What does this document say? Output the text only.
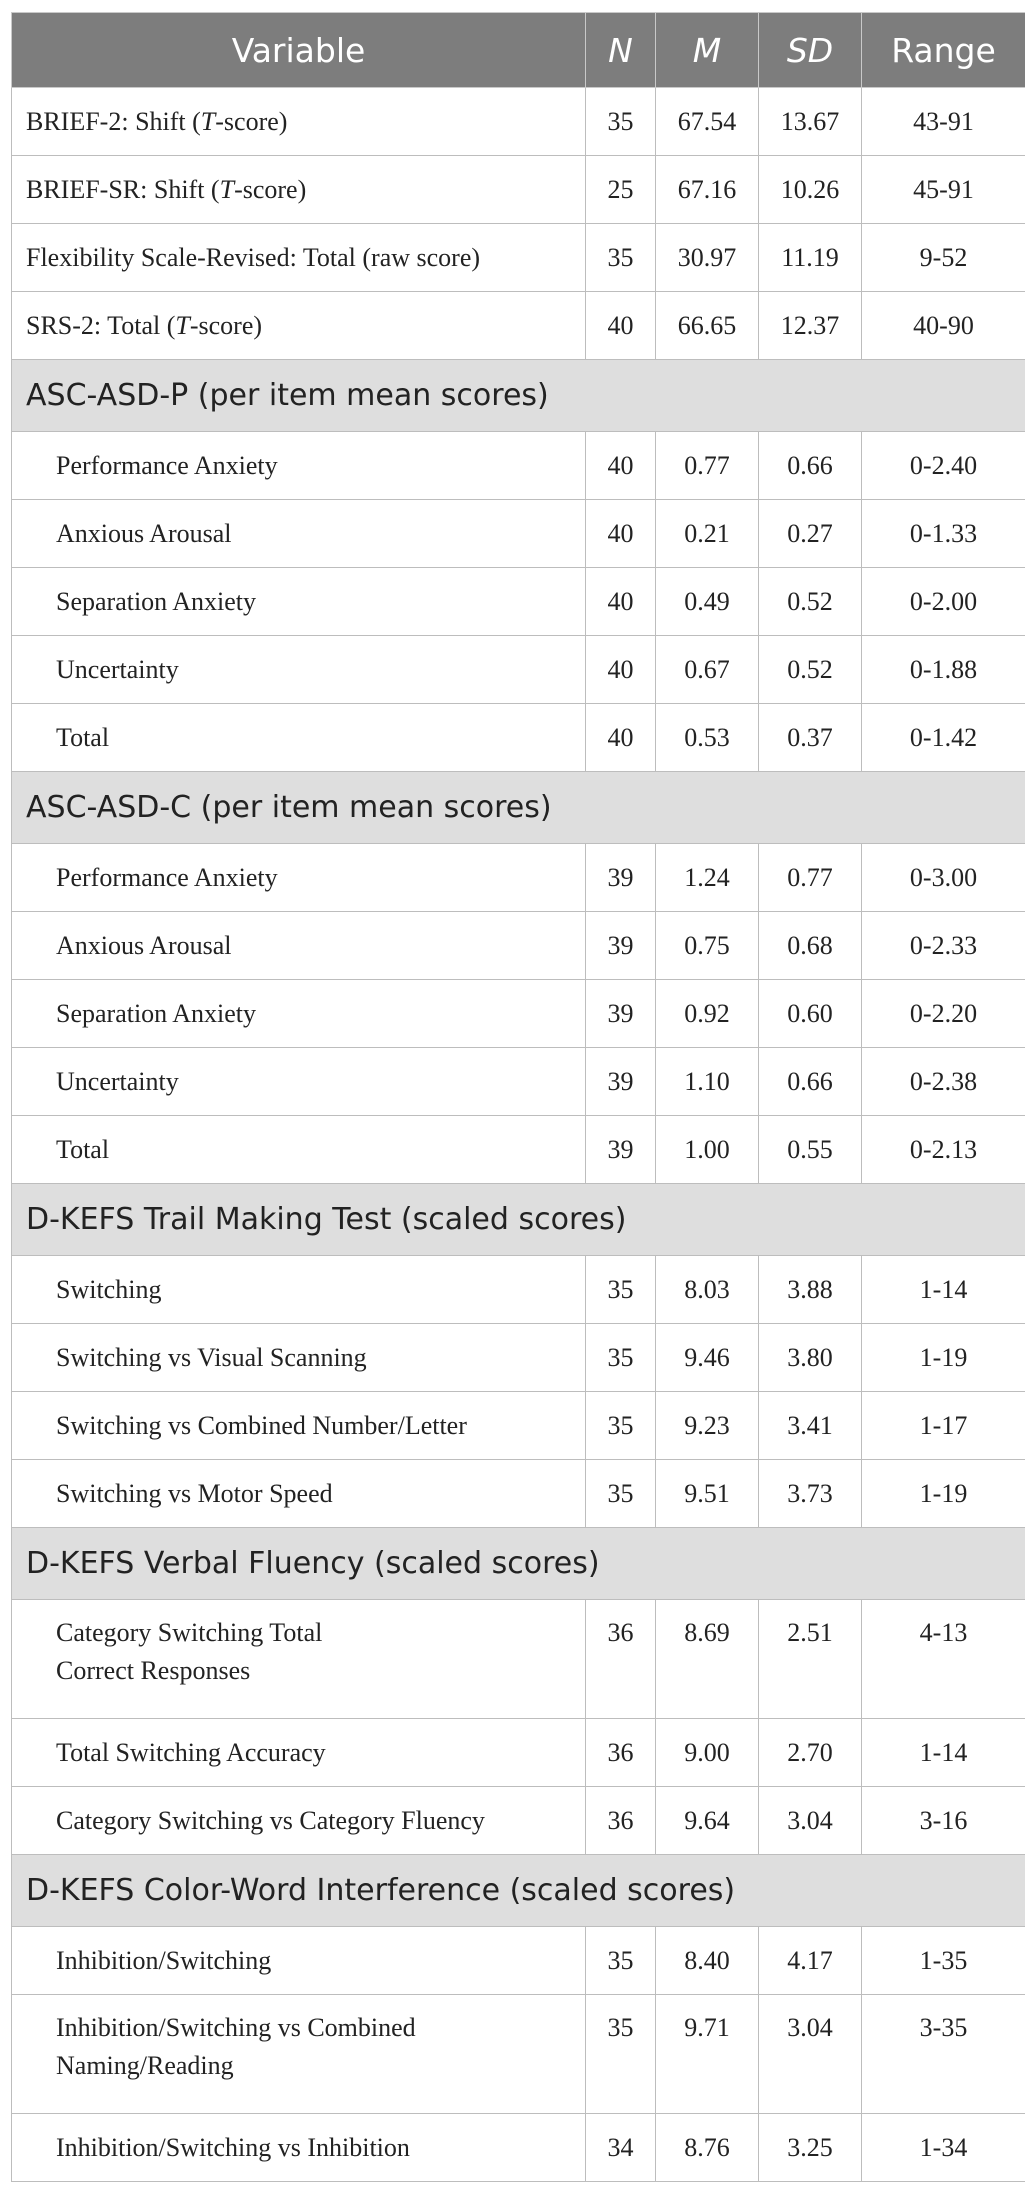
Variable	N	M	SD	Range
BRIEF-2: Shift (T-score)	35	67.54	13.67	43-91
BRIEF-SR: Shift (T-score)	25	67.16	10.26	45-91
Flexibility Scale-Revised: Total (raw score)	35	30.97	11.19	9-52
SRS-2: Total (T-score)	40	66.65	12.37	40-90
ASC-ASD-P (per item mean scores)				
Performance Anxiety	40	0.77	0.66	0-2.40
Anxious Arousal	40	0.21	0.27	0-1.33
Separation Anxiety	40	0.49	0.52	0-2.00
Uncertainty	40	0.67	0.52	0-1.88
Total	40	0.53	0.37	0-1.42
ASC-ASD-C (per item mean scores)				
Performance Anxiety	39	1.24	0.77	0-3.00
Anxious Arousal	39	0.75	0.68	0-2.33
Separation Anxiety	39	0.92	0.60	0-2.20
Uncertainty	39	1.10	0.66	0-2.38
Total	39	1.00	0.55	0-2.13
D-KEFS Trail Making Test (scaled scores)				
Switching	35	8.03	3.88	1-14
Switching vs Visual Scanning	35	9.46	3.80	1-19
Switching vs Combined Number/Letter	35	9.23	3.41	1-17
Switching vs Motor Speed	35	9.51	3.73	1-19
D-KEFS Verbal Fluency (scaled scores)				
Category Switching Total
Correct Responses	36	8.69	2.51	4-13
Total Switching Accuracy	36	9.00	2.70	1-14
Category Switching vs Category Fluency	36	9.64	3.04	3-16
D-KEFS Color-Word Interference (scaled scores)				
Inhibition/Switching	35	8.40	4.17	1-35
Inhibition/Switching vs Combined
Naming/Reading	35	9.71	3.04	3-35
Inhibition/Switching vs Inhibition	34	8.76	3.25	1-34
